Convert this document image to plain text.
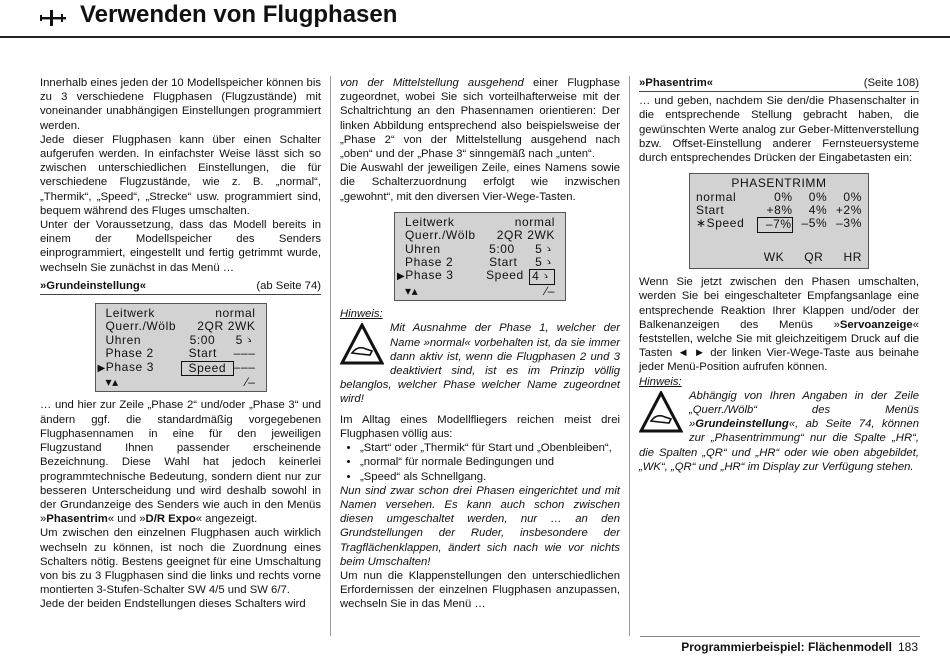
Verwenden von Flugphasen

Innerhalb eines jeden der 10 Modellspeicher können bis zu 3 verschiedene Flugphasen (Flugzustände) mit voneinander unabhängigen Einstellungen programmiert werden.

Jede dieser Flugphasen kann über einen Schalter aufgerufen werden. In einfachster Weise lässt sich so zwischen unterschiedlichen Einstellungen, die für verschiedene Flugzustände, wie z. B. „normal“, „Thermik“, „Speed“, „Strecke“ usw. programmiert sind, bequem während des Fluges umschalten.

Unter der Voraussetzung, dass das Modell bereits in einem der Modellspeicher des Senders einprogrammiert, eingestellt und fertig getrimmt wurde, wechseln Sie zunächst in das Menü …

»Grundeinstellung«	(ab Seite 74)
Leitwerk	normal
Querr./Wölb 2QR 2WK
Uhren	5:00	5ゝ
Phase 2	Start	–––
▶Phase 3	Speed –––
▾▴	⁄–

… und hier zur Zeile „Phase 2“ und/oder „Phase 3“ und ändern ggf. die standardmäßig vorgegebenen Flugphasennamen in eine für den jeweiligen Flugzustand Ihnen passender erscheinende Bezeichnung. Diese Wahl hat jedoch keinerlei programmtechnische Bedeutung, sondern dient nur zur besseren Unterscheidung und wird deshalb sowohl in der Grundanzeige des Senders wie auch in den Menüs »Phasentrim« und »D/R Expo« angezeigt.

Um zwischen den einzelnen Flugphasen auch wirklich wechseln zu können, ist noch die Zuordnung eines Schalters nötig. Bestens geeignet für eine Umschaltung von bis zu 3 Flugphasen sind die links und rechts vorne montierten 3-Stufen-Schalter SW 4/5 und SW 6/7.

Jede der beiden Endstellungen dieses Schalters wird

von der Mittelstellung ausgehend einer Flugphase zugeordnet, wobei Sie sich vorteilhafterweise mit der Schaltrichtung an den Phasennamen orientieren: Der linken Abbildung entsprechend also beispielsweise der „Phase 2“ von der Mittelstellung ausgehend nach „oben“ und der „Phase 3“ sinngemäß nach „unten“.

Die Auswahl der jeweiligen Zeile, eines Namens sowie die Schalterzuordnung erfolgt wie inzwischen „gewohnt“, mit den diversen Vier-Wege-Tasten.

Leitwerk	normal
Querr./Wölb 2QR 2WK
Uhren	5:00	5ゝ
Phase 2	Start	5ゝ
▶Phase 3	Speed 4ゝ
▾▴	⁄–

Hinweis:

Mit Ausnahme der Phase 1, welcher der Name »normal« vorbehalten ist, da sie immer dann aktiv ist, wenn die Flugphasen 2 und 3 deaktiviert sind, ist es im Prinzip völlig belanglos, welcher Phase welcher Name zugeordnet wird!

Im Alltag eines Modellfliegers reichen meist drei Flugphasen völlig aus:

• „Start“ oder „Thermik“ für Start und „Obenbleiben“,
• „normal“ für normale Bedingungen und
• „Speed“ als Schnellgang.

Nun sind zwar schon drei Phasen eingerichtet und mit Namen versehen. Es kann auch schon zwischen diesen umgeschaltet werden, nur … an den Grundstellungen der Ruder, insbesondere der Tragflächenklappen, ändert sich nach wie vor nichts beim Umschalten!

Um nun die Klappenstellungen den unterschiedlichen Erfordernissen der einzelnen Flugphasen anzupassen, wechseln Sie in das Menü …

»Phasentrim«	(Seite 108)

… und geben, nachdem Sie den/die Phasenschalter in die entsprechende Stellung gebracht haben, die gewünschten Werte analog zur Geber-Mittenverstellung bzw. Offset-Einstellung anderer Fernsteuersysteme durch entsprechendes Drücken der Eingabetasten ein:

PHASENTRIMM
normal	0%	0%	0%
Start	+8%	4% +2%
∗Speed	–7% –5% –3%
WK QR HR

Wenn Sie jetzt zwischen den Phasen umschalten, werden Sie bei eingeschalteter Empfangsanlage eine entsprechende Reaktion Ihrer Klappen und/oder der Balkenanzeigen des Menüs »Servoanzeige« feststellen, welche Sie mit gleichzeitigem Druck auf die Tasten ◄ ► der linken Vier-Wege-Taste aus beinahe jeder Menü-Position aufrufen können.

Hinweis:

Abhängig von Ihren Angaben in der Zeile „Querr./Wölb“ des Menüs »Grundeinstellung«, ab Seite 74, können zur „Phasentrimmung“ nur die Spalte „HR“, die Spalten „QR“ und „HR“ oder wie oben abgebildet, „WK“, „QR“ und „HR“ im Display zur Verfügung stehen.

Programmierbeispiel: Flächenmodell 183
